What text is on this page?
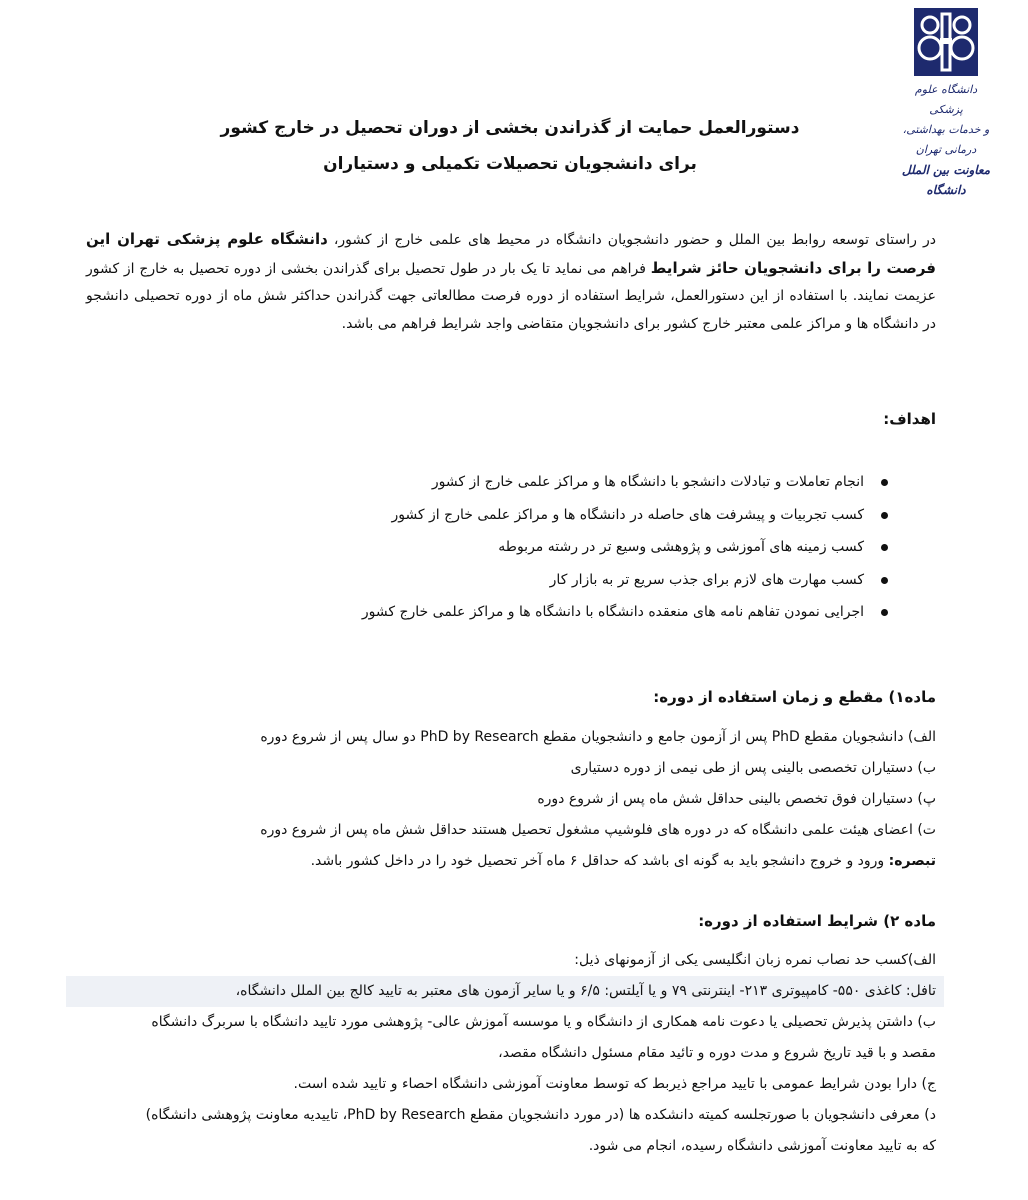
دانشگاه علوم پزشکی
و خدمات بهداشتی، درمانی تهران
معاونت بین الملل دانشگاه
دستورالعمل حمایت از گذراندن بخشی از دوران تحصیل در خارج کشور
برای دانشجویان تحصیلات تکمیلی و دستیاران

در راستای توسعه روابط بین الملل و حضور دانشجویان دانشگاه در محیط های علمی خارج از کشور، دانشگاه علوم پزشکی تهران این فرصت را برای دانشجویان حائز شرایط فراهم می نماید تا یک بار در طول تحصیل برای گذراندن بخشی از دوره تحصیل به خارج از کشور عزیمت نمایند. با استفاده از این دستورالعمل، شرایط استفاده از دوره فرصت مطالعاتی جهت گذراندن حداکثر شش ماه از دوره تحصیلی دانشجو در دانشگاه ها و مراکز علمی معتبر خارج کشور برای دانشجویان متقاضی واجد شرایط فراهم می باشد.

اهداف:
انجام تعاملات و تبادلات دانشجو با دانشگاه ها و مراکز علمی خارج از کشور
کسب تجربیات و پیشرفت های حاصله در دانشگاه ها و مراکز علمی خارج از کشور
کسب زمینه های آموزشی و پژوهشی وسیع تر در رشته مربوطه
کسب مهارت های لازم برای جذب سریع تر به بازار کار
اجرایی نمودن تفاهم نامه های منعقده دانشگاه با دانشگاه ها و مراکز علمی خارج کشور
ماده۱) مقطع و زمان استفاده از دوره:
الف) دانشجویان مقطع PhD پس از آزمون جامع و دانشجویان مقطع PhD by Research دو سال پس از شروع دوره
ب) دستیاران تخصصی بالینی پس از طی نیمی از دوره دستیاری
پ) دستیاران فوق تخصص بالینی حداقل شش ماه پس از شروع دوره
ت) اعضای هیئت علمی دانشگاه که در دوره های فلوشیپ مشغول تحصیل هستند حداقل شش ماه پس از شروع دوره
تبصره: ورود و خروج دانشجو باید به گونه ای باشد که حداقل ۶ ماه آخر تحصیل خود را در داخل کشور باشد.
ماده ۲) شرایط استفاده از دوره:
الف)کسب حد نصاب نمره زبان انگلیسی یکی از آزمونهای ذیل:
تافل: کاغذی ۵۵۰- کامپیوتری ۲۱۳- اینترنتی ۷۹ و یا آیلتس: ۶/۵ و یا سایر آزمون های معتبر به تایید کالج بین الملل دانشگاه،
ب) داشتن پذیرش تحصیلی یا دعوت نامه همکاری از دانشگاه و یا موسسه آموزش عالی- پژوهشی مورد تایید دانشگاه با سربرگ دانشگاه
مقصد و با قید تاریخ شروع و مدت دوره و تائید مقام مسئول دانشگاه مقصد،
ج) دارا بودن شرایط عمومی با تایید مراجع ذیربط که توسط معاونت آموزشی دانشگاه احصاء و تایید شده است.
د) معرفی دانشجویان با صورتجلسه کمیته دانشکده ها (در مورد دانشجویان مقطع PhD by Research، تاییدیه معاونت پژوهشی دانشگاه)
که به تایید معاونت آموزشی دانشگاه رسیده، انجام می شود.
